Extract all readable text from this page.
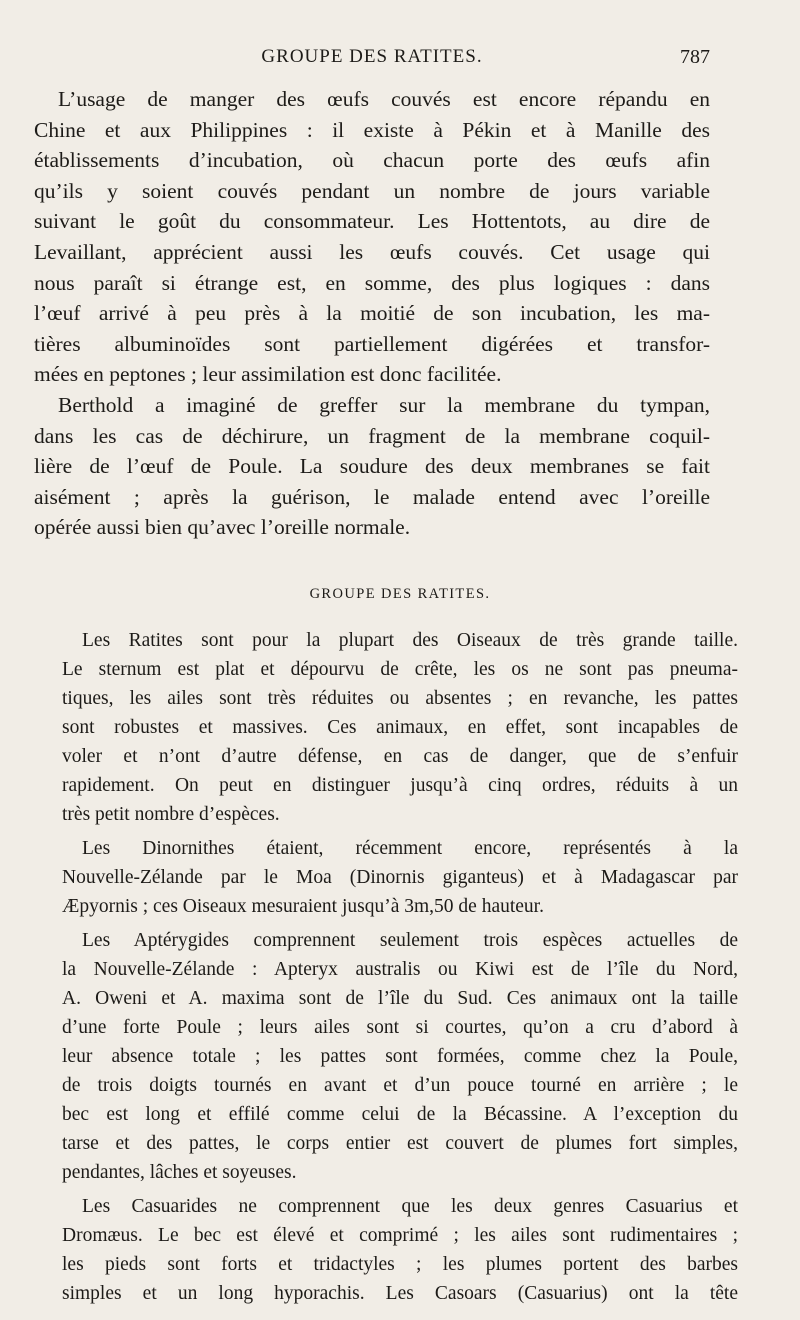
GROUPE DES RATITES.	787
L’usage de manger des œufs couvés est encore répandu en
Chine et aux Philippines : il existe à Pékin et à Manille des
établissements d’incubation, où chacun porte des œufs afin
qu’ils y soient couvés pendant un nombre de jours variable
suivant le goût du consommateur. Les Hottentots, au dire de
Levaillant, apprécient aussi les œufs couvés. Cet usage qui
nous paraît si étrange est, en somme, des plus logiques : dans
l’œuf arrivé à peu près à la moitié de son incubation, les ma-
tières albuminoïdes sont partiellement digérées et transfor-
mées en peptones ; leur assimilation est donc facilitée.
Berthold a imaginé de greffer sur la membrane du tympan,
dans les cas de déchirure, un fragment de la membrane coquil-
lière de l’œuf de Poule. La soudure des deux membranes se fait
aisément ; après la guérison, le malade entend avec l’oreille
opérée aussi bien qu’avec l’oreille normale.
GROUPE DES RATITES.
Les Ratites sont pour la plupart des Oiseaux de très grande taille.
Le sternum est plat et dépourvu de crête, les os ne sont pas pneuma-
tiques, les ailes sont très réduites ou absentes ; en revanche, les pattes
sont robustes et massives. Ces animaux, en effet, sont incapables de
voler et n’ont d’autre défense, en cas de danger, que de s’enfuir
rapidement. On peut en distinguer jusqu’à cinq ordres, réduits à un
très petit nombre d’espèces.
Les Dinornithes étaient, récemment encore, représentés à la
Nouvelle-Zélande par le Moa (Dinornis giganteus) et à Madagascar par
Æpyornis ; ces Oiseaux mesuraient jusqu’à 3m,50 de hauteur.
Les Aptérygides comprennent seulement trois espèces actuelles de
la Nouvelle-Zélande : Apteryx australis ou Kiwi est de l’île du Nord,
A. Oweni et A. maxima sont de l’île du Sud. Ces animaux ont la taille
d’une forte Poule ; leurs ailes sont si courtes, qu’on a cru d’abord à
leur absence totale ; les pattes sont formées, comme chez la Poule,
de trois doigts tournés en avant et d’un pouce tourné en arrière ; le
bec est long et effilé comme celui de la Bécassine. A l’exception du
tarse et des pattes, le corps entier est couvert de plumes fort simples,
pendantes, lâches et soyeuses.
Les Casuarides ne comprennent que les deux genres Casuarius et
Dromæus. Le bec est élevé et comprimé ; les ailes sont rudimentaires ;
les pieds sont forts et tridactyles ; les plumes portent des barbes
simples et un long hyporachis. Les Casoars (Casuarius) ont la tête
